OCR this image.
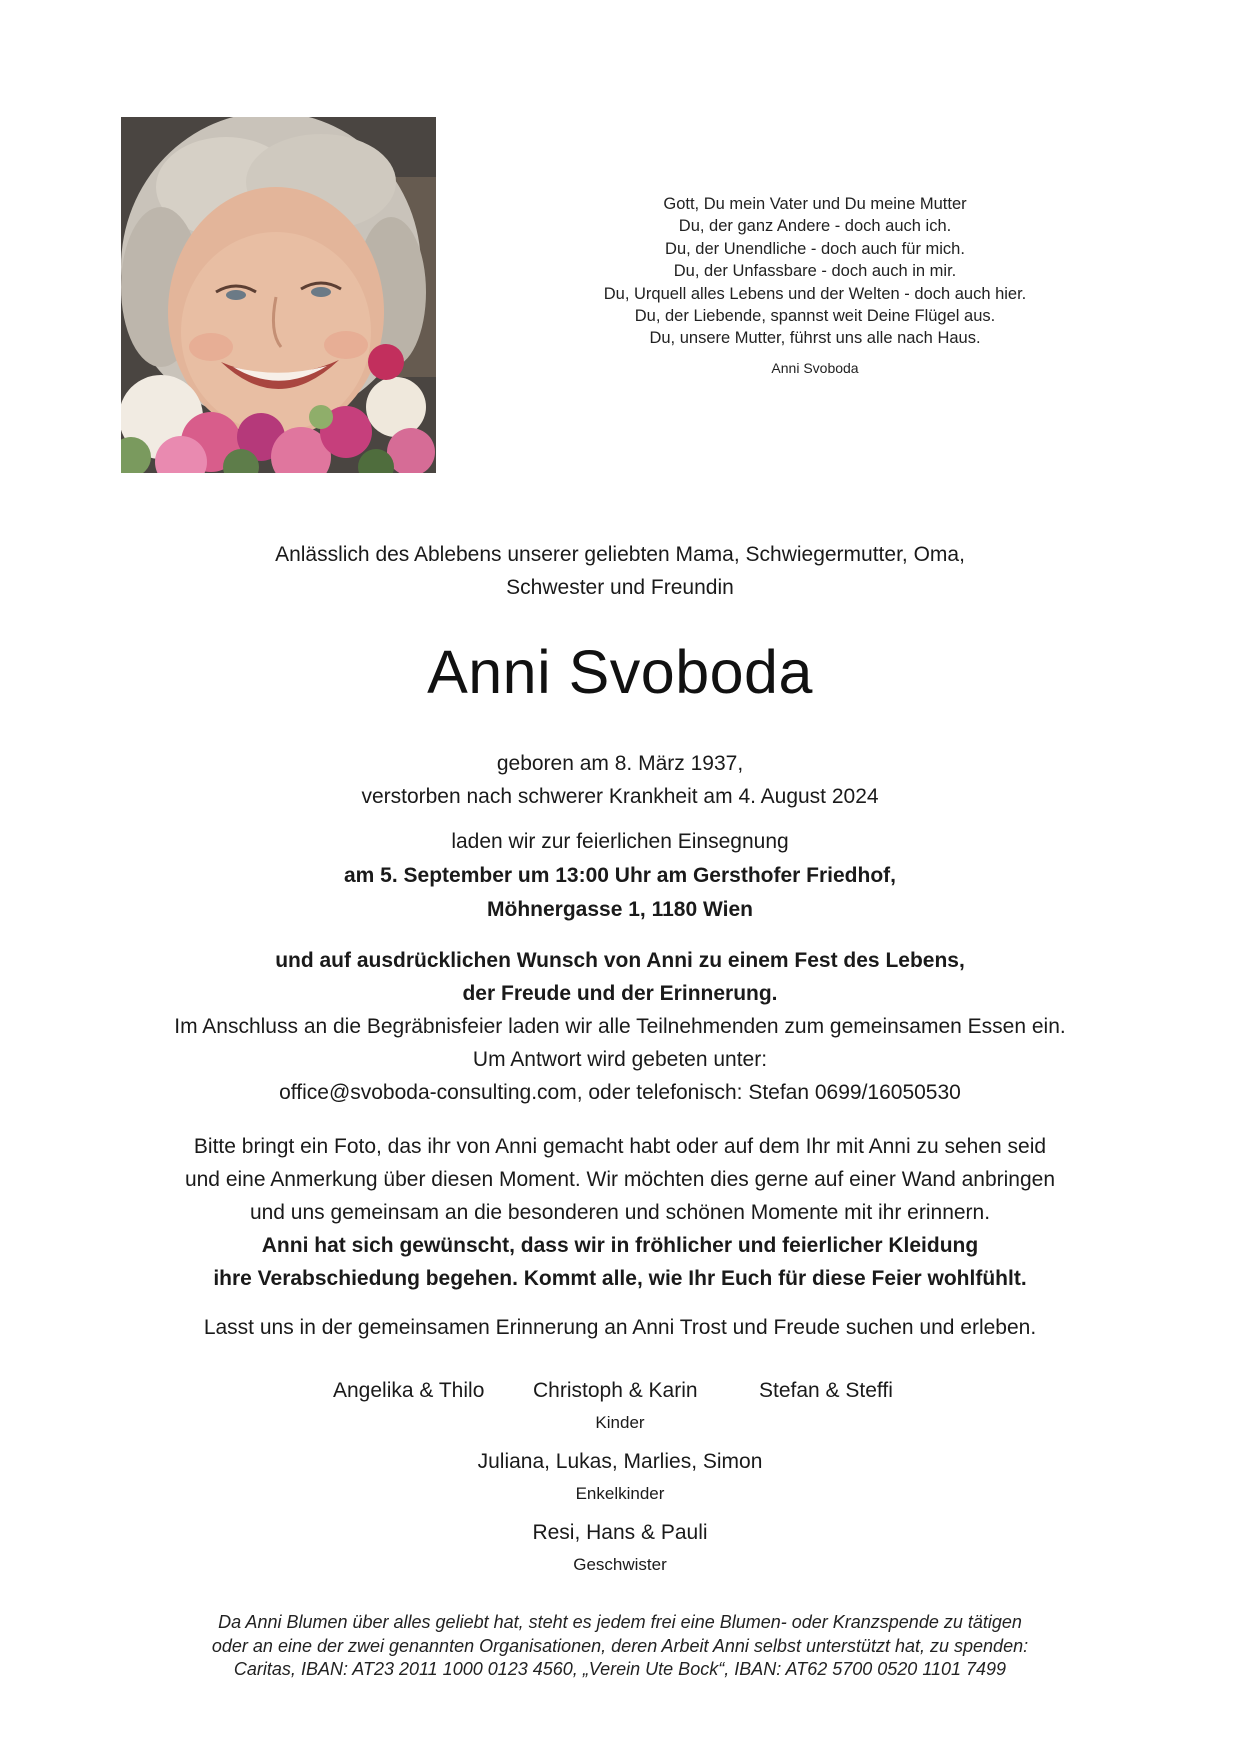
Gott, Du mein Vater und Du meine Mutter
Du, der ganz Andere - doch auch ich.
Du, der Unendliche - doch auch für mich.
Du, der Unfassbare - doch auch in mir.
Du, Urquell alles Lebens und der Welten - doch auch hier.
Du, der Liebende, spannst weit Deine Flügel aus.
Du, unsere Mutter, führst uns alle nach Haus.
Anni Svoboda
Anlässlich des Ablebens unserer geliebten Mama, Schwiegermutter, Oma,
Schwester und Freundin
Anni Svoboda
geboren am 8. März 1937,
verstorben nach schwerer Krankheit am 4. August 2024
laden wir zur feierlichen Einsegnung
am 5. September um 13:00 Uhr am Gersthofer Friedhof,
Möhnergasse 1, 1180 Wien
und auf ausdrücklichen Wunsch von Anni zu einem Fest des Lebens,
der Freude und der Erinnerung.
Im Anschluss an die Begräbnisfeier laden wir alle Teilnehmenden zum gemeinsamen Essen ein.
Um Antwort wird gebeten unter:
office@svoboda-consulting.com, oder telefonisch: Stefan 0699/16050530
Bitte bringt ein Foto, das ihr von Anni gemacht habt oder auf dem Ihr mit Anni zu sehen seid
und eine Anmerkung über diesen Moment. Wir möchten dies gerne auf einer Wand anbringen
und uns gemeinsam an die besonderen und schönen Momente mit ihr erinnern.
Anni hat sich gewünscht, dass wir in fröhlicher und feierlicher Kleidung
ihre Verabschiedung begehen. Kommt alle, wie Ihr Euch für diese Feier wohlfühlt.
Lasst uns in der gemeinsamen Erinnerung an Anni Trost und Freude suchen und erleben.
Angelika & Thilo Christoph & Karin	Stefan & Steffi
Kinder
Juliana, Lukas, Marlies, Simon
Enkelkinder
Resi, Hans & Pauli
Geschwister
Da Anni Blumen über alles geliebt hat, steht es jedem frei eine Blumen- oder Kranzspende zu tätigen
oder an eine der zwei genannten Organisationen, deren Arbeit Anni selbst unterstützt hat, zu spenden:
Caritas, IBAN: AT23 2011 1000 0123 4560, „Verein Ute Bock“, IBAN: AT62 5700 0520 1101 7499
